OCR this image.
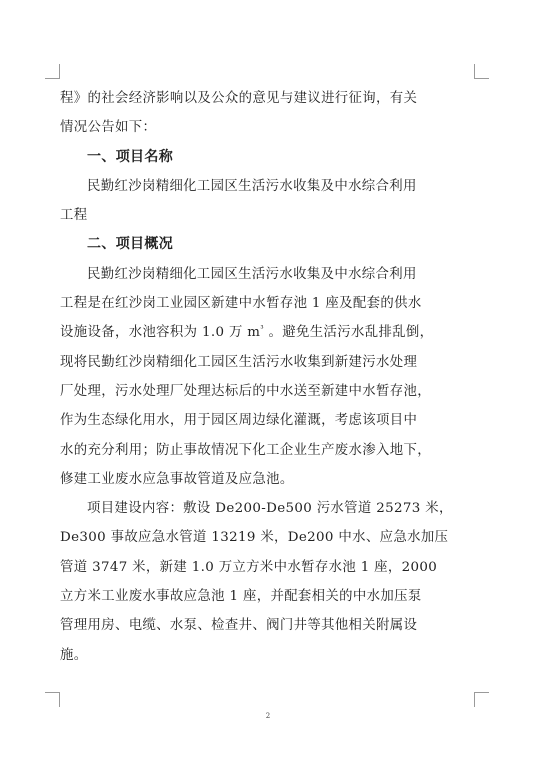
程》的社会经济影响以及公众的意见与建议进行征询，有关
情况公告如下：
一、项目名称
民勤红沙岗精细化工园区生活污水收集及中水综合利用
工程
二、项目概况
民勤红沙岗精细化工园区生活污水收集及中水综合利用
工程是在红沙岗工业园区新建中水暂存池 1 座及配套的供水
设施设备，水池容积为 1.0 万 $m^{^3}$ 。避免生活污水乱排乱倒，
现将民勤红沙岗精细化工园区生活污水收集到新建污水处理
厂处理，污水处理厂处理达标后的中水送至新建中水暂存池，
作为生态绿化用水，用于园区周边绿化灌溉，考虑该项目中
水的充分利用；防止事故情况下化工企业生产废水渗入地下，
修建工业废水应急事故管道及应急池。
项目建设内容：敷设 De200-De500 污水管道 25273 米，
De300 事故应急水管道 13219 米，De200 中水、应急水加压
管道 3747 米，新建 1.0 万立方米中水暂存水池 1 座，2000
立方米工业废水事故应急池 1 座，并配套相关的中水加压泵
管理用房、电缆、水泵、检查井、阀门井等其他相关附属设
施。
2
